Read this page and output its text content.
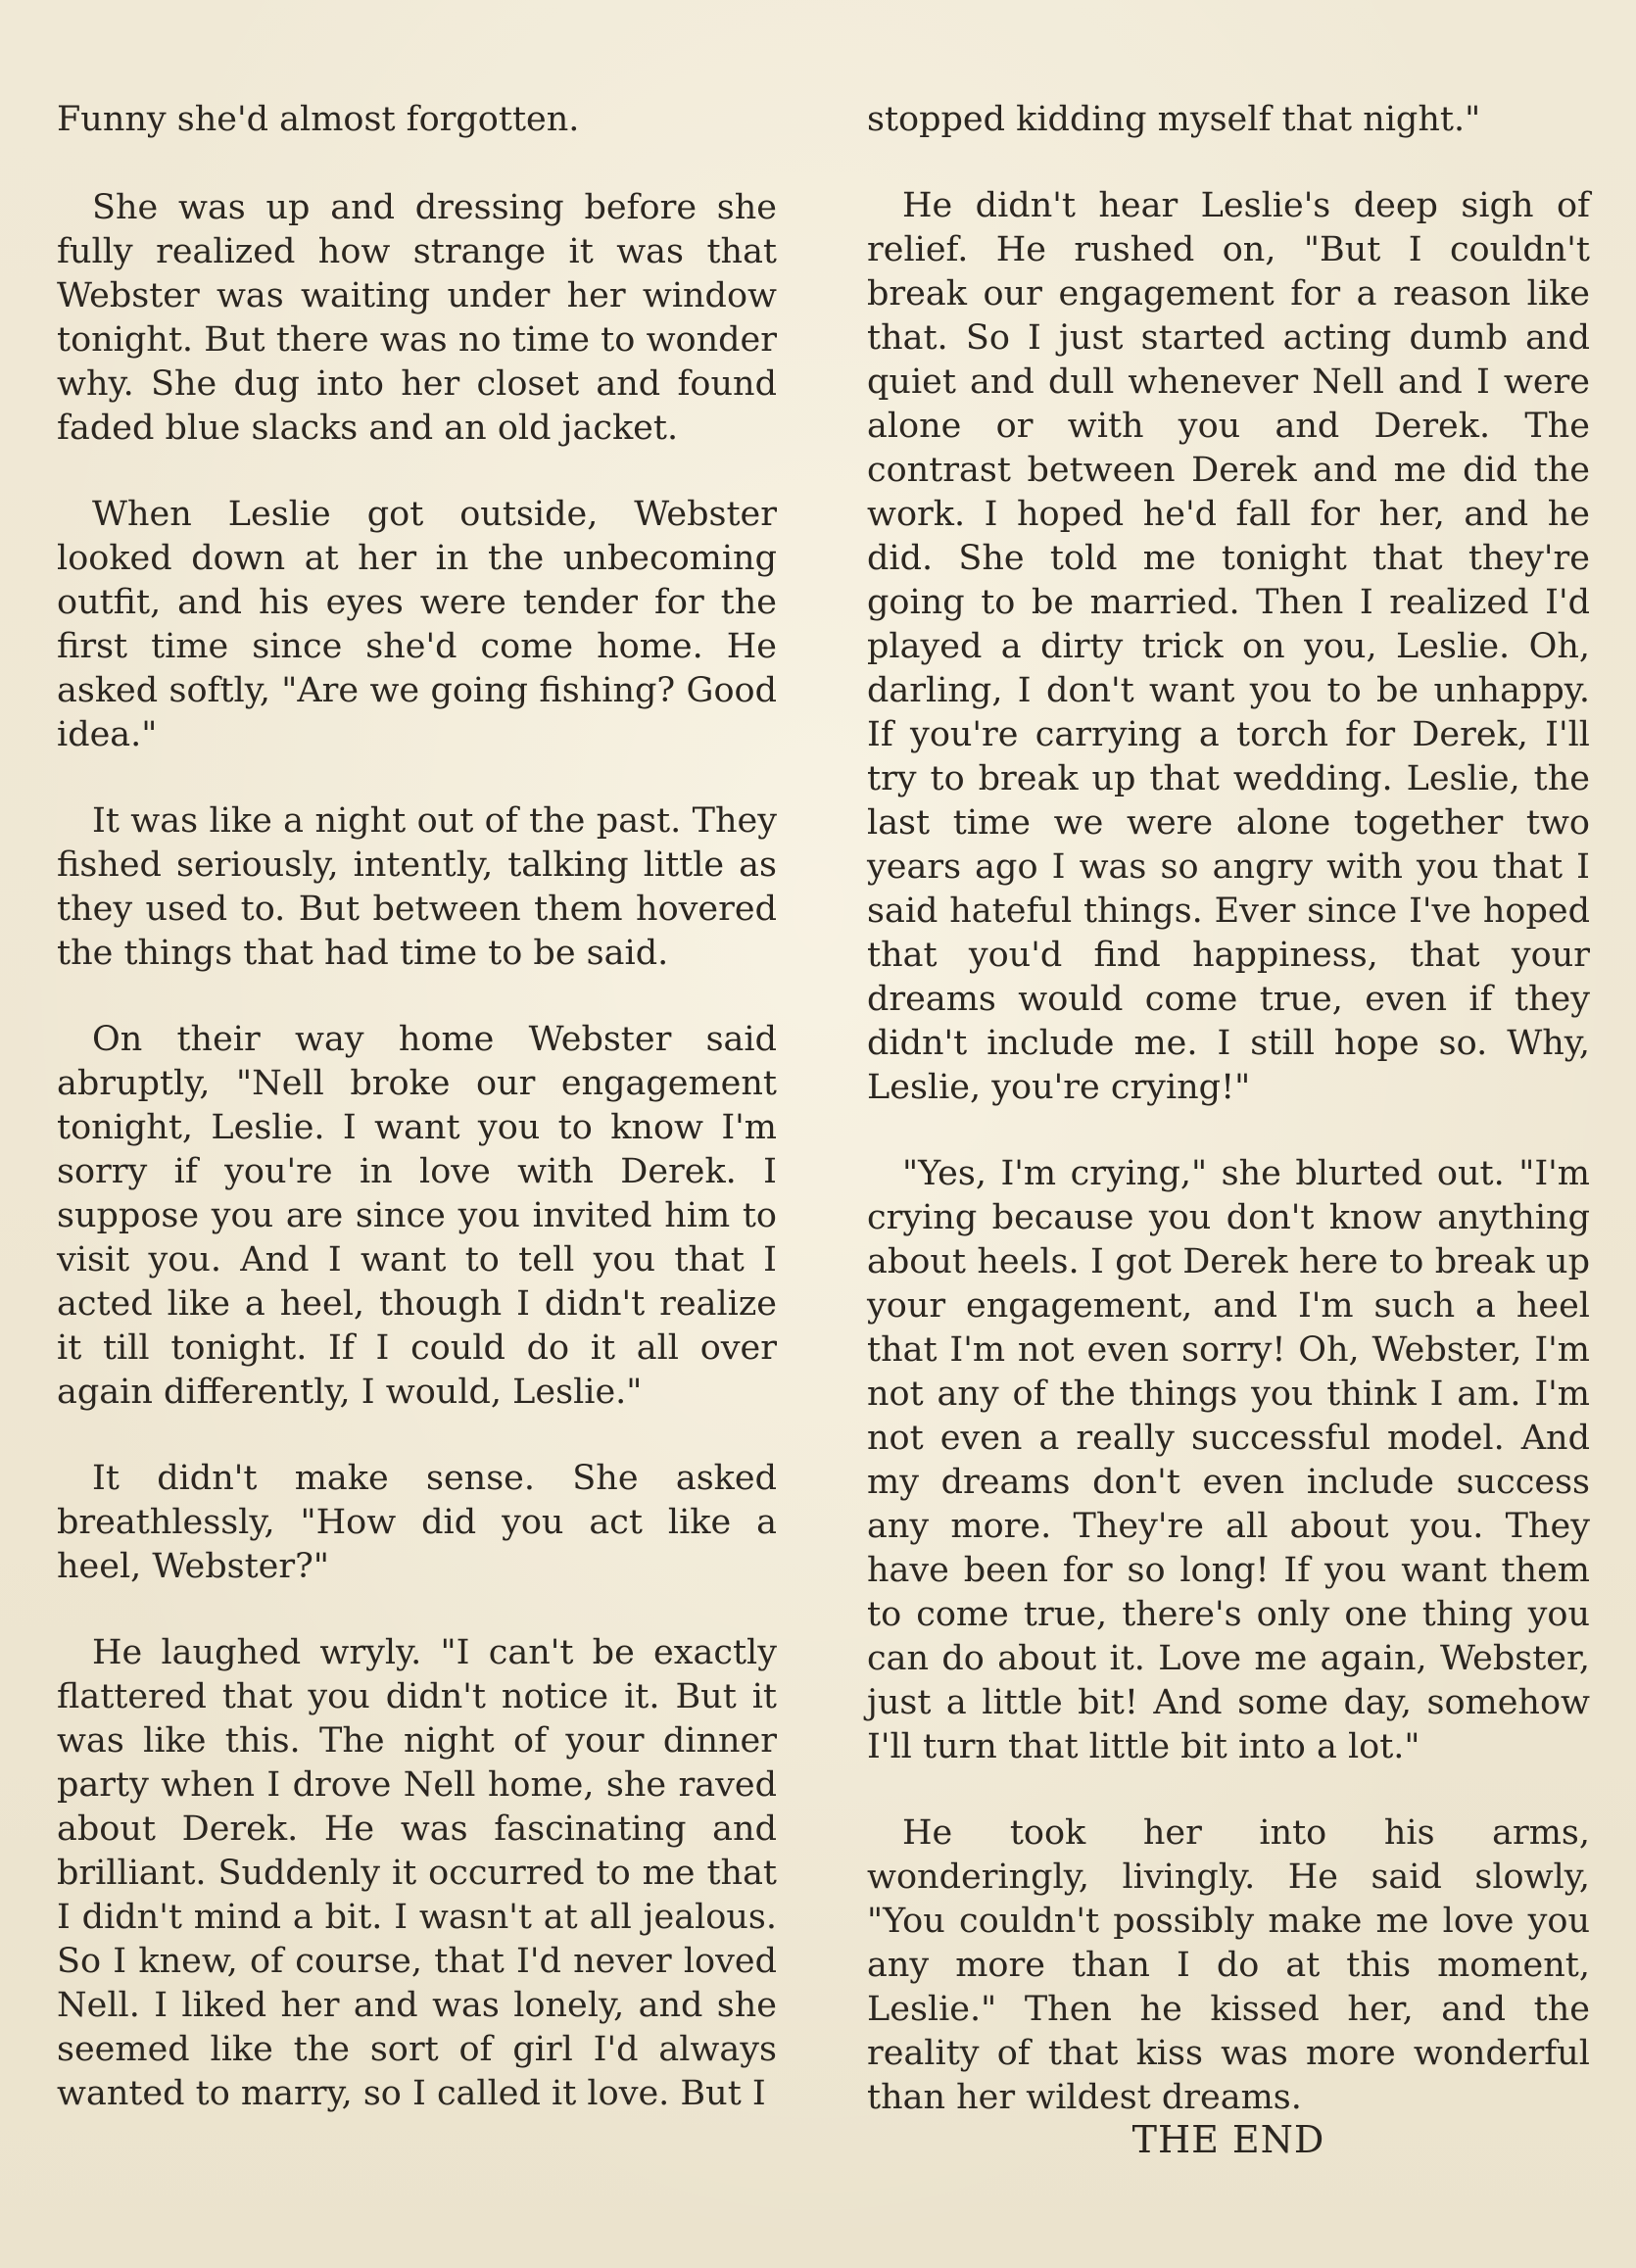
Funny she'd almost forgotten.

She was up and dressing before she fully realized how strange it was that Webster was waiting under her window tonight. But there was no time to wonder why. She dug into her closet and found faded blue slacks and an old jacket.

When Leslie got outside, Webster looked down at her in the unbecoming outfit, and his eyes were tender for the first time since she'd come home. He asked softly, "Are we going fishing? Good idea."

It was like a night out of the past. They fished seriously, intently, talking little as they used to. But between them hovered the things that had time to be said.

On their way home Webster said abruptly, "Nell broke our engagement tonight, Leslie. I want you to know I'm sorry if you're in love with Derek. I suppose you are since you invited him to visit you. And I want to tell you that I acted like a heel, though I didn't realize it till tonight. If I could do it all over again differently, I would, Leslie."

It didn't make sense. She asked breathlessly, "How did you act like a heel, Webster?"

He laughed wryly. "I can't be exactly flattered that you didn't notice it. But it was like this. The night of your dinner party when I drove Nell home, she raved about Derek. He was fascinating and brilliant. Suddenly it occurred to me that I didn't mind a bit. I wasn't at all jealous. So I knew, of course, that I'd never loved Nell. I liked her and was lonely, and she seemed like the sort of girl I'd always wanted to marry, so I called it love. But I

stopped kidding myself that night."

He didn't hear Leslie's deep sigh of relief. He rushed on, "But I couldn't break our engagement for a reason like that. So I just started acting dumb and quiet and dull whenever Nell and I were alone or with you and Derek. The contrast between Derek and me did the work. I hoped he'd fall for her, and he did. She told me tonight that they're going to be married. Then I realized I'd played a dirty trick on you, Leslie. Oh, darling, I don't want you to be unhappy. If you're carrying a torch for Derek, I'll try to break up that wedding. Leslie, the last time we were alone together two years ago I was so angry with you that I said hateful things. Ever since I've hoped that you'd find happiness, that your dreams would come true, even if they didn't include me. I still hope so. Why, Leslie, you're crying!"

"Yes, I'm crying," she blurted out. "I'm crying because you don't know anything about heels. I got Derek here to break up your engagement, and I'm such a heel that I'm not even sorry! Oh, Webster, I'm not any of the things you think I am. I'm not even a really successful model. And my dreams don't even include success any more. They're all about you. They have been for so long! If you want them to come true, there's only one thing you can do about it. Love me again, Webster, just a little bit! And some day, somehow I'll turn that little bit into a lot."

He took her into his arms, wonderingly, livingly. He said slowly, "You couldn't possibly make me love you any more than I do at this moment, Leslie." Then he kissed her, and the reality of that kiss was more wonderful than her wildest dreams.

THE END
